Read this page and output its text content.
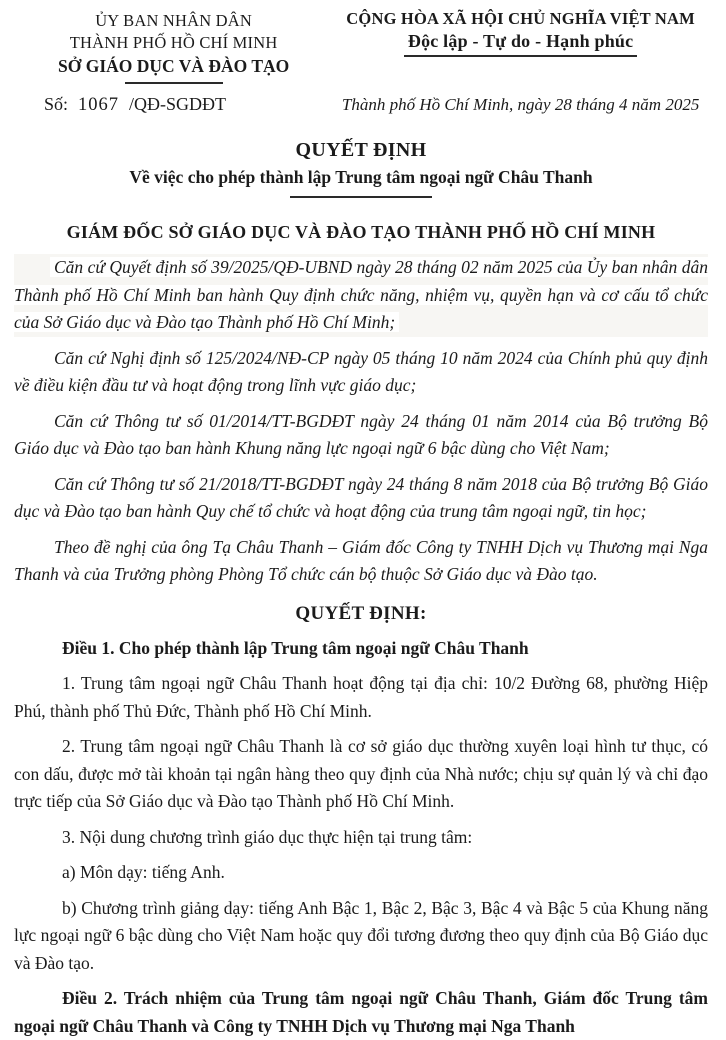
ỦY BAN NHÂN DÂN
THÀNH PHỐ HỒ CHÍ MINH
SỞ GIÁO DỤC VÀ ĐÀO TẠO
CỘNG HÒA XÃ HỘI CHỦ NGHĨA VIỆT NAM
Độc lập - Tự do - Hạnh phúc
Số: 1067 /QĐ-SGDĐT	Thành phố Hồ Chí Minh, ngày 28 tháng 4 năm 2025
QUYẾT ĐỊNH
Về việc cho phép thành lập Trung tâm ngoại ngữ Châu Thanh
GIÁM ĐỐC SỞ GIÁO DỤC VÀ ĐÀO TẠO THÀNH PHỐ HỒ CHÍ MINH

Căn cứ Quyết định số 39/2025/QĐ-UBND ngày 28 tháng 02 năm 2025 của Ủy ban nhân dân Thành phố Hồ Chí Minh ban hành Quy định chức năng, nhiệm vụ, quyền hạn và cơ cấu tổ chức của Sở Giáo dục và Đào tạo Thành phố Hồ Chí Minh;

Căn cứ Nghị định số 125/2024/NĐ-CP ngày 05 tháng 10 năm 2024 của Chính phủ quy định về điều kiện đầu tư và hoạt động trong lĩnh vực giáo dục;

Căn cứ Thông tư số 01/2014/TT-BGDĐT ngày 24 tháng 01 năm 2014 của Bộ trưởng Bộ Giáo dục và Đào tạo ban hành Khung năng lực ngoại ngữ 6 bậc dùng cho Việt Nam;

Căn cứ Thông tư số 21/2018/TT-BGDĐT ngày 24 tháng 8 năm 2018 của Bộ trưởng Bộ Giáo dục và Đào tạo ban hành Quy chế tổ chức và hoạt động của trung tâm ngoại ngữ, tin học;

Theo đề nghị của ông Tạ Châu Thanh – Giám đốc Công ty TNHH Dịch vụ Thương mại Nga Thanh và của Trưởng phòng Phòng Tổ chức cán bộ thuộc Sở Giáo dục và Đào tạo.

QUYẾT ĐỊNH:

Điều 1. Cho phép thành lập Trung tâm ngoại ngữ Châu Thanh

1. Trung tâm ngoại ngữ Châu Thanh hoạt động tại địa chỉ: 10/2 Đường 68, phường Hiệp Phú, thành phố Thủ Đức, Thành phố Hồ Chí Minh.

2. Trung tâm ngoại ngữ Châu Thanh là cơ sở giáo dục thường xuyên loại hình tư thục, có con dấu, được mở tài khoản tại ngân hàng theo quy định của Nhà nước; chịu sự quản lý và chỉ đạo trực tiếp của Sở Giáo dục và Đào tạo Thành phố Hồ Chí Minh.

3. Nội dung chương trình giáo dục thực hiện tại trung tâm:

a) Môn dạy: tiếng Anh.

b) Chương trình giảng dạy: tiếng Anh Bậc 1, Bậc 2, Bậc 3, Bậc 4 và Bậc 5 của Khung năng lực ngoại ngữ 6 bậc dùng cho Việt Nam hoặc quy đổi tương đương theo quy định của Bộ Giáo dục và Đào tạo.

Điều 2. Trách nhiệm của Trung tâm ngoại ngữ Châu Thanh, Giám đốc Trung tâm ngoại ngữ Châu Thanh và Công ty TNHH Dịch vụ Thương mại Nga Thanh
